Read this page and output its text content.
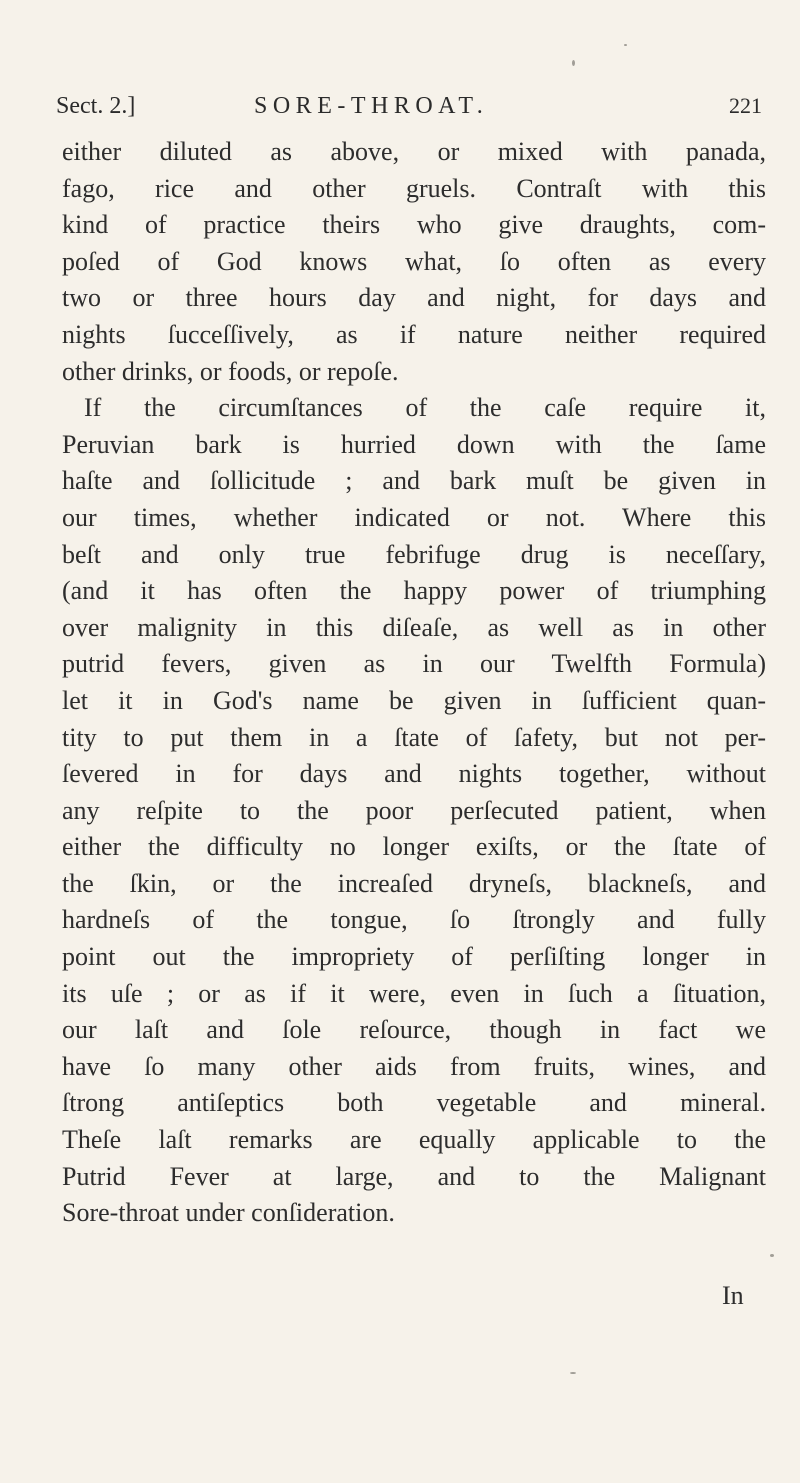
Sect. 2.]	SORE-THROAT.	221
either diluted as above, or mixed with panada,
fago, rice and other gruels. Contraſt with this
kind of practice theirs who give draughts, com-
poſed of God knows what, ſo often as every
two or three hours day and night, for days and
nights ſucceſſively, as if nature neither required
other drinks, or foods, or repoſe.
If the circumſtances of the caſe require it,
Peruvian bark is hurried down with the ſame
haſte and ſollicitude ; and bark muſt be given in
our times, whether indicated or not. Where this
beſt and only true febrifuge drug is neceſſary,
(and it has often the happy power of triumphing
over malignity in this diſeaſe, as well as in other
putrid fevers, given as in our Twelfth Formula)
let it in God's name be given in ſufficient quan-
tity to put them in a ſtate of ſafety, but not per-
ſevered in for days and nights together, without
any reſpite to the poor perſecuted patient, when
either the difficulty no longer exiſts, or the ſtate of
the ſkin, or the increaſed dryneſs, blackneſs, and
hardneſs of the tongue, ſo ſtrongly and fully
point out the impropriety of perſiſting longer in
its uſe ; or as if it were, even in ſuch a ſituation,
our laſt and ſole reſource, though in fact we
have ſo many other aids from fruits, wines, and
ſtrong antiſeptics both vegetable and mineral.
Theſe laſt remarks are equally applicable to the
Putrid Fever at large, and to the Malignant
Sore-throat under conſideration.
In
